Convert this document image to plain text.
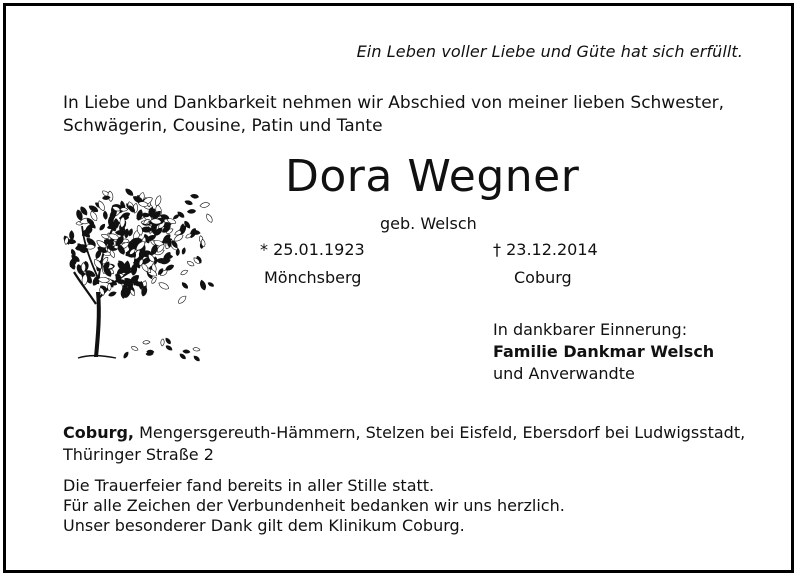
Ein Leben voller Liebe und Güte hat sich erfüllt.
In Liebe und Dankbarkeit nehmen wir Abschied von meiner lieben Schwester, Schwägerin, Cousine, Patin und Tante
Dora Wegner
geb. Welsch
* 25.01.1923
Mönchsberg
† 23.12.2014
Coburg
In dankbarer Einnerung:
Familie Dankmar Welsch
und Anverwandte
Coburg, Mengersgereuth-Hämmern, Stelzen bei Eisfeld, Ebersdorf bei Ludwigsstadt, Thüringer Straße 2
Die Trauerfeier fand bereits in aller Stille statt.
Für alle Zeichen der Verbundenheit bedanken wir uns herzlich.
Unser besonderer Dank gilt dem Klinikum Coburg.
